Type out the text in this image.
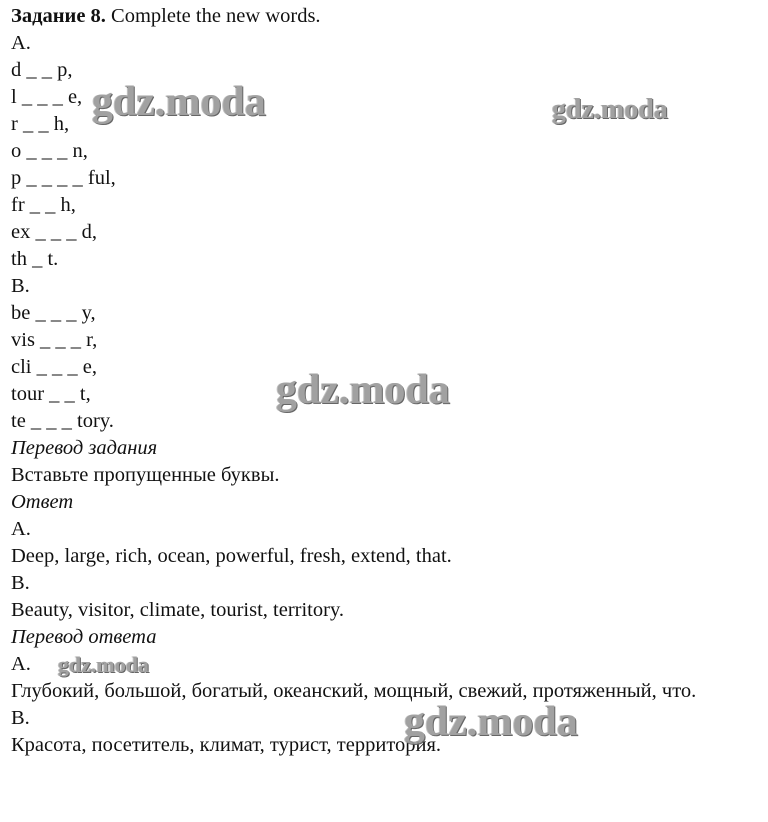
Задание 8. Complete the new words.
A.
d _ _ p,
l _ _ _ e,
r _ _ h,
o _ _ _ n,
p _ _ _ _ ful,
fr _ _ h,
ex _ _ _ d,
th _ t.
B.
be _ _ _ y,
vis _ _ _ r,
cli _ _ _ e,
tour _ _ t,
te _ _ _ tory.
Перевод задания
Вставьте пропущенные буквы.
Ответ
A.
Deep, large, rich, ocean, powerful, fresh, extend, that.
B.
Beauty, visitor, climate, tourist, territory.
Перевод ответа
A.
Глубокий, большой, богатый, океанский, мощный, свежий, протяженный, что.
B.
Красота, посетитель, климат, турист, территория.
gdz.moda	gdz.moda
gdz.moda
gdz.moda
gdz.moda
